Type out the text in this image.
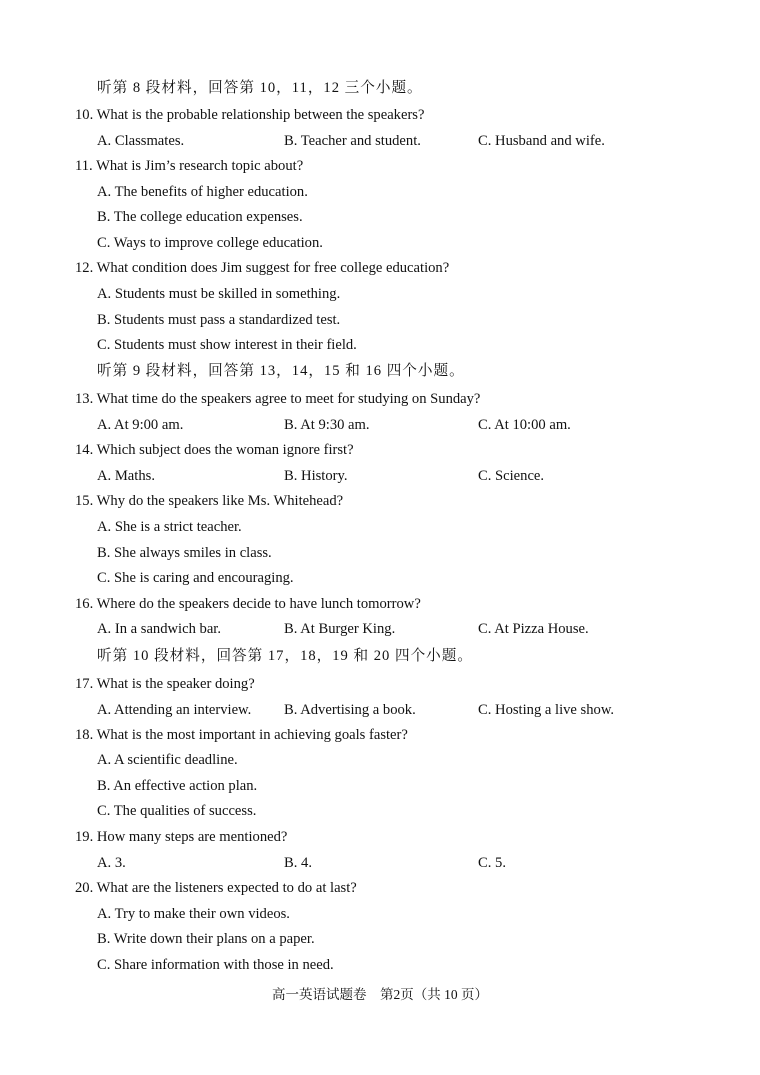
听第 8 段材料，回答第 10，11，12 三个小题。
10. What is the probable relationship between the speakers?
A. Classmates.	B. Teacher and student.	C. Husband and wife.
11. What is Jim’s research topic about?
A. The benefits of higher education.
B. The college education expenses.
C. Ways to improve college education.
12. What condition does Jim suggest for free college education?
A. Students must be skilled in something.
B. Students must pass a standardized test.
C. Students must show interest in their field.
听第 9 段材料，回答第 13，14，15 和 16 四个小题。
13. What time do the speakers agree to meet for studying on Sunday?
A. At 9:00 am.	B. At 9:30 am.	C. At 10:00 am.
14. Which subject does the woman ignore first?
A. Maths.	B. History.	C. Science.
15. Why do the speakers like Ms. Whitehead?
A. She is a strict teacher.
B. She always smiles in class.
C. She is caring and encouraging.
16. Where do the speakers decide to have lunch tomorrow?
A. In a sandwich bar.	B. At Burger King.	C. At Pizza House.
听第 10 段材料，回答第 17，18，19 和 20 四个小题。
17. What is the speaker doing?
A. Attending an interview. B. Advertising a book.	C. Hosting a live show.
18. What is the most important in achieving goals faster?
A. A scientific deadline.
B. An effective action plan.
C. The qualities of success.
19. How many steps are mentioned?
A. 3.	B. 4.	C. 5.
20. What are the listeners expected to do at last?
A. Try to make their own videos.
B. Write down their plans on a paper.
C. Share information with those in need.
高一英语试题卷　第2页（共 10 页）
